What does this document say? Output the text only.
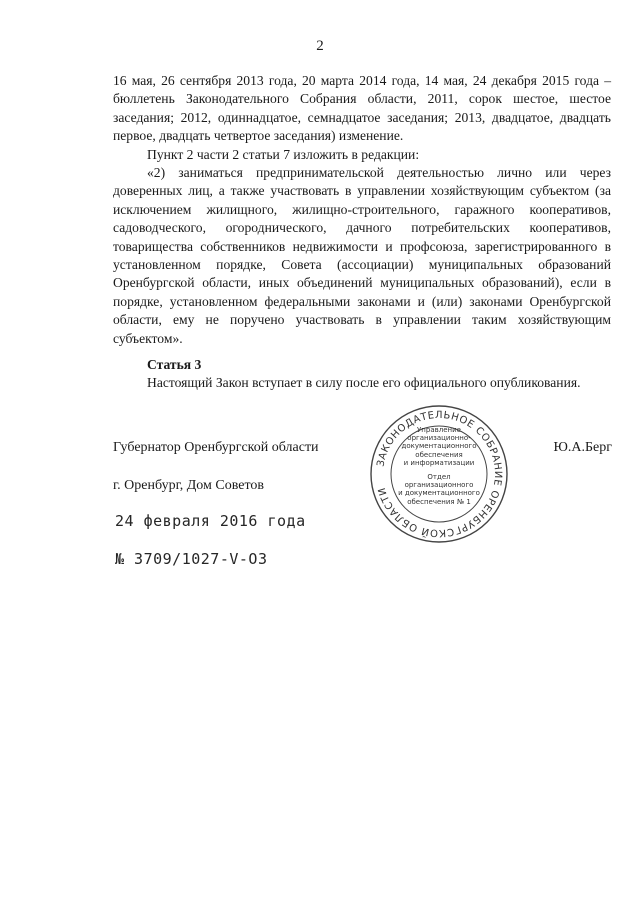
2

16 мая, 26 сентября 2013 года, 20 марта 2014 года, 14 мая, 24 декабря 2015 года – бюллетень Законодательного Собрания области, 2011, сорок шестое, шестое заседания; 2012, одиннадцатое, семнадцатое заседания; 2013, двадцатое, двадцать первое, двадцать четвертое заседания) изменение.

Пункт 2 части 2 статьи 7 изложить в редакции:

«2) заниматься предпринимательской деятельностью лично или через доверенных лиц, а также участвовать в управлении хозяйствующим субъектом (за исключением жилищного, жилищно-строительного, гаражного кооперативов, садоводческого, огороднического, дачного потребительских кооперативов, товарищества собственников недвижимости и профсоюза, зарегистрированного в установленном порядке, Совета (ассоциации) муниципальных образований Оренбургской области, иных объединений муниципальных образований), если в порядке, установленном федеральными законами и (или) законами Оренбургской области, ему не поручено участвовать в управлении таким хозяйствующим субъектом».

Статья 3

Настоящий Закон вступает в силу после его официального опубликования.

Губернатор Оренбургской области	Ю.А.Берг
г. Оренбург, Дом Советов
24 февраля 2016 года
№ 3709/1027-V-ОЗ
ЗАКОНОДАТЕЛЬНОЕ СОБРАНИЕ ОРЕНБУРГСКОЙ ОБЛАСТИ
Управление
организационно-
документационного
обеспечения
и информатизации
Отдел организационного
и документационного
обеспечения № 1
